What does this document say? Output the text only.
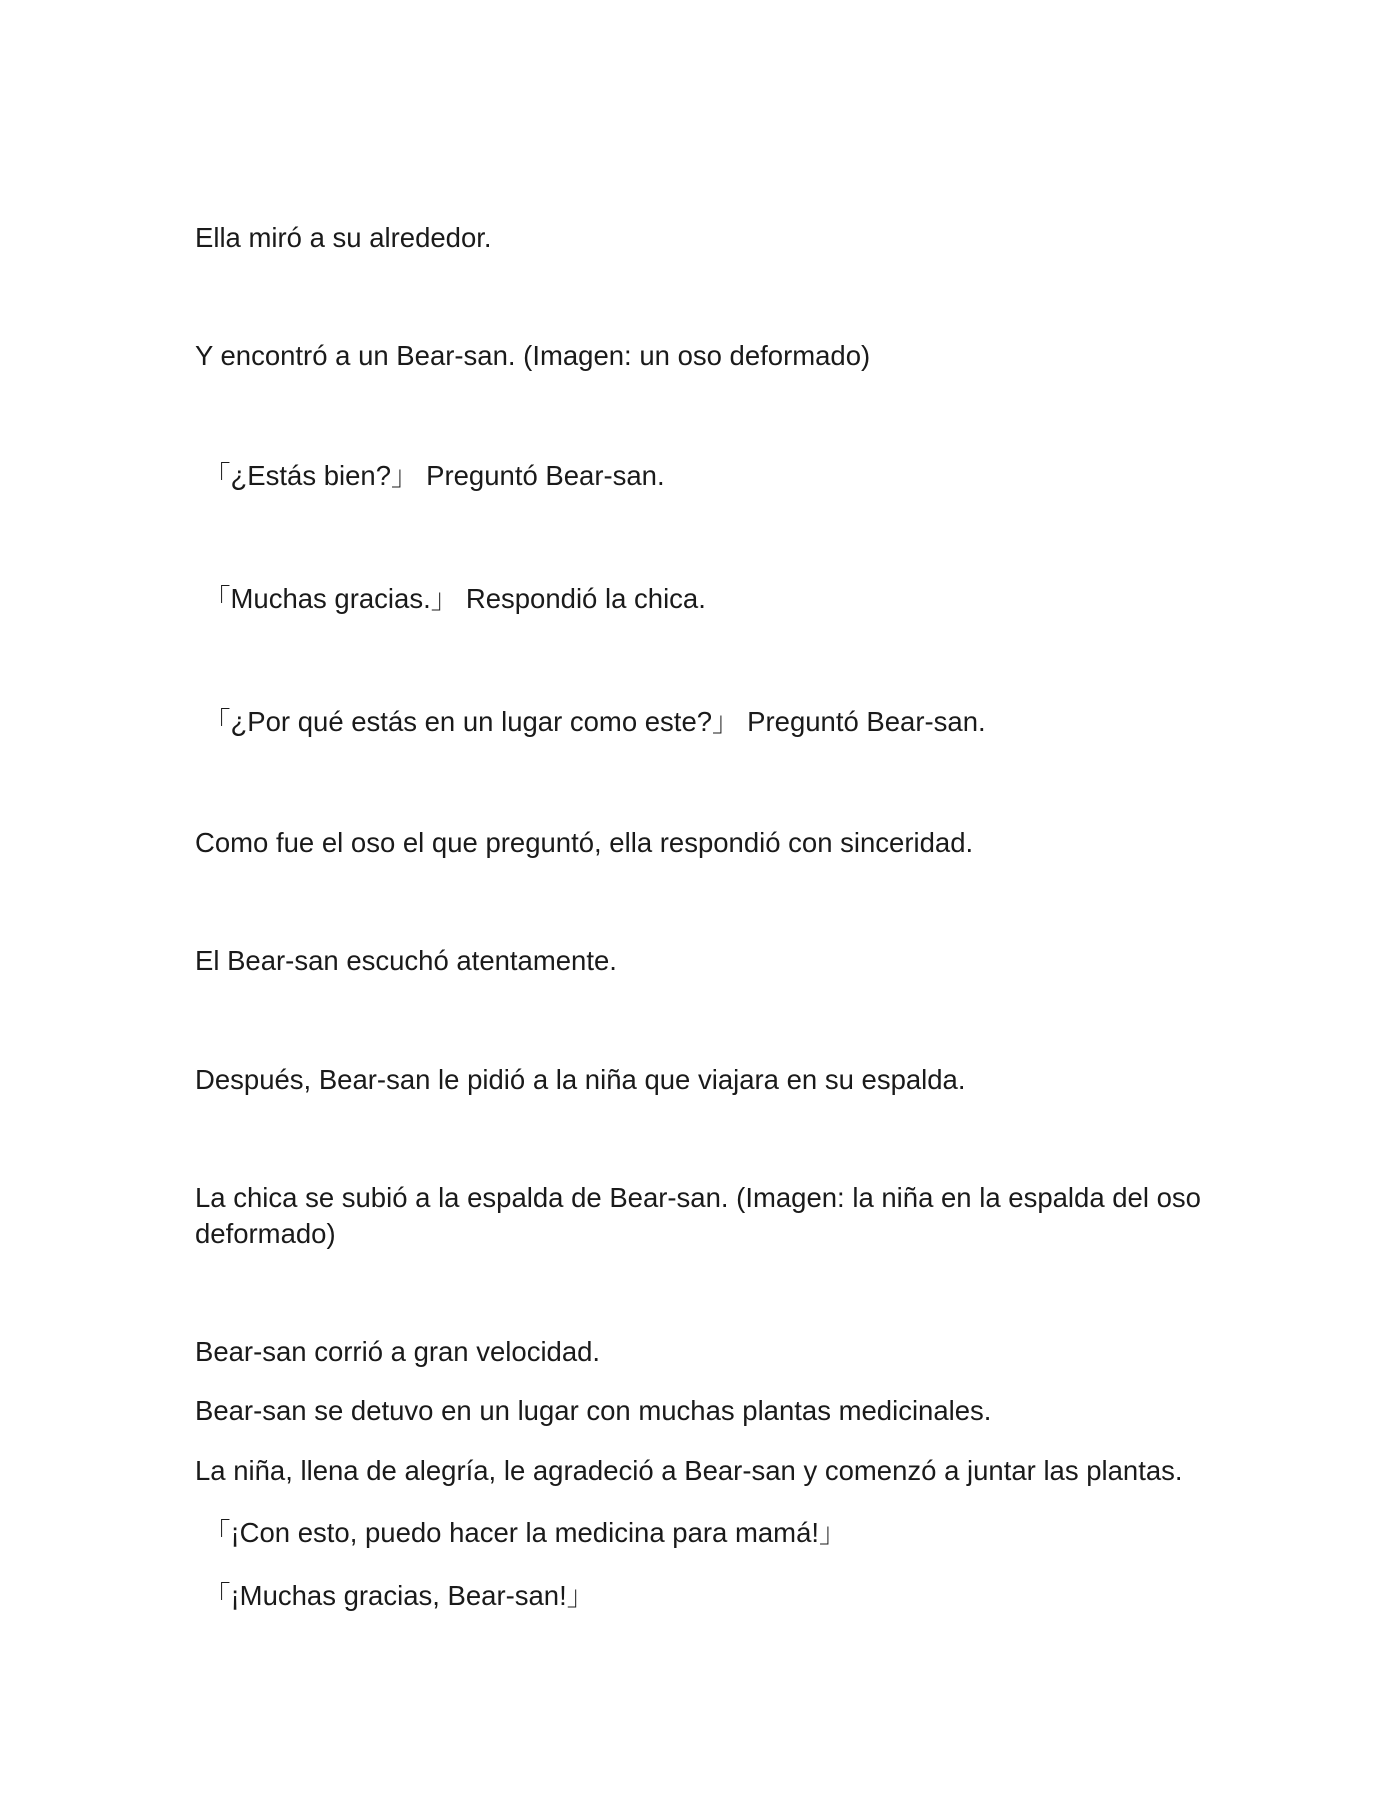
Ella miró a su alrededor.

Y encontró a un Bear-san. (Imagen: un oso deformado)

「¿Estás bien?」 Preguntó Bear-san.

「Muchas gracias.」 Respondió la chica.

「¿Por qué estás en un lugar como este?」 Preguntó Bear-san.

Como fue el oso el que preguntó, ella respondió con sinceridad.

El Bear-san escuchó atentamente.

Después, Bear-san le pidió a la niña que viajara en su espalda.

La chica se subió a la espalda de Bear-san. (Imagen: la niña en la espalda del oso deformado)

Bear-san corrió a gran velocidad.

Bear-san se detuvo en un lugar con muchas plantas medicinales.

La niña, llena de alegría, le agradeció a Bear-san y comenzó a juntar las plantas.

「¡Con esto, puedo hacer la medicina para mamá!」

「¡Muchas gracias, Bear-san!」
